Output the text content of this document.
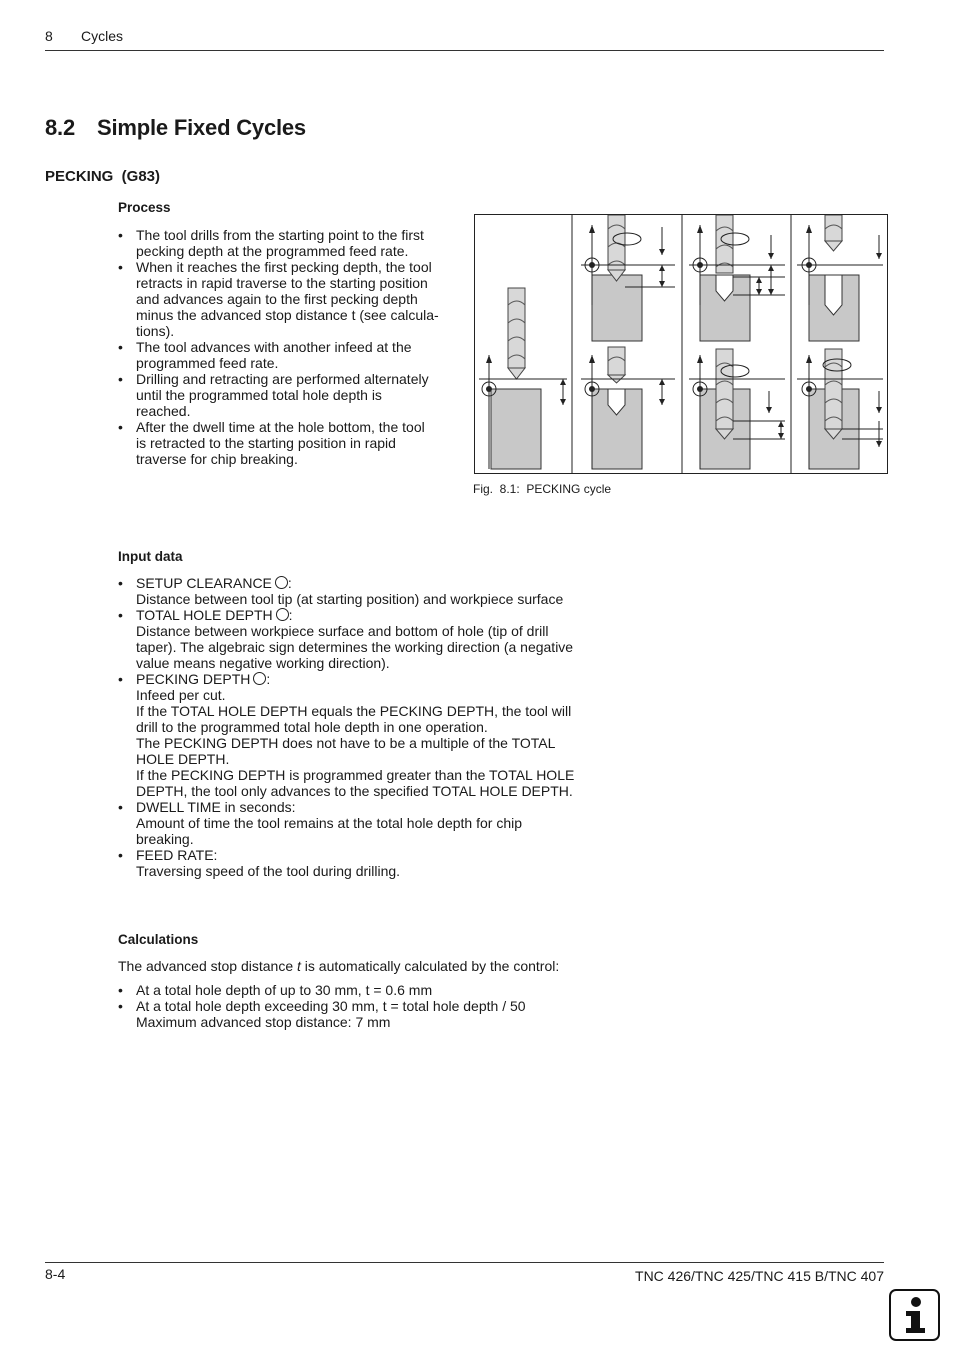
8 Cycles
8.2 Simple Fixed Cycles
PECKING  (G83)
Process
• The tool drills from the starting point to the first
pecking depth at the programmed feed rate.
• When it reaches the first pecking depth, the tool
retracts in rapid traverse to the starting position
and advances again to the first pecking depth
minus the advanced stop distance t (see calcula-
tions).
• The tool advances with another infeed at the
programmed feed rate.
• Drilling and retracting are performed alternately
until the programmed total hole depth is
reached.
• After the dwell time at the hole bottom, the tool
is retracted to the starting position in rapid
traverse for chip breaking.
Fig.  8.1:  PECKING cycle
Input data
• SETUP CLEARANCE :
Distance between tool tip (at starting position) and workpiece surface
• TOTAL HOLE DEPTH :
Distance between workpiece surface and bottom of hole (tip of drill
taper). The algebraic sign determines the working direction (a negative
value means negative working direction).
• PECKING DEPTH :
Infeed per cut.
If the TOTAL HOLE DEPTH equals the PECKING DEPTH, the tool will
drill to the programmed total hole depth in one operation.
The PECKING DEPTH does not have to be a multiple of the TOTAL
HOLE DEPTH.
If the PECKING DEPTH is programmed greater than the TOTAL HOLE
DEPTH, the tool only advances to the specified TOTAL HOLE DEPTH.
• DWELL TIME in seconds:
Amount of time the tool remains at the total hole depth for chip
breaking.
• FEED RATE:
Traversing speed of the tool during drilling.
Calculations
The advanced stop distance t is automatically calculated by the control:
• At a total hole depth of up to 30 mm, t = 0.6 mm
• At a total hole depth exceeding 30 mm, t = total hole depth / 50
Maximum advanced stop distance: 7 mm
8-4	TNC 426/TNC 425/TNC 415 B/TNC 407
